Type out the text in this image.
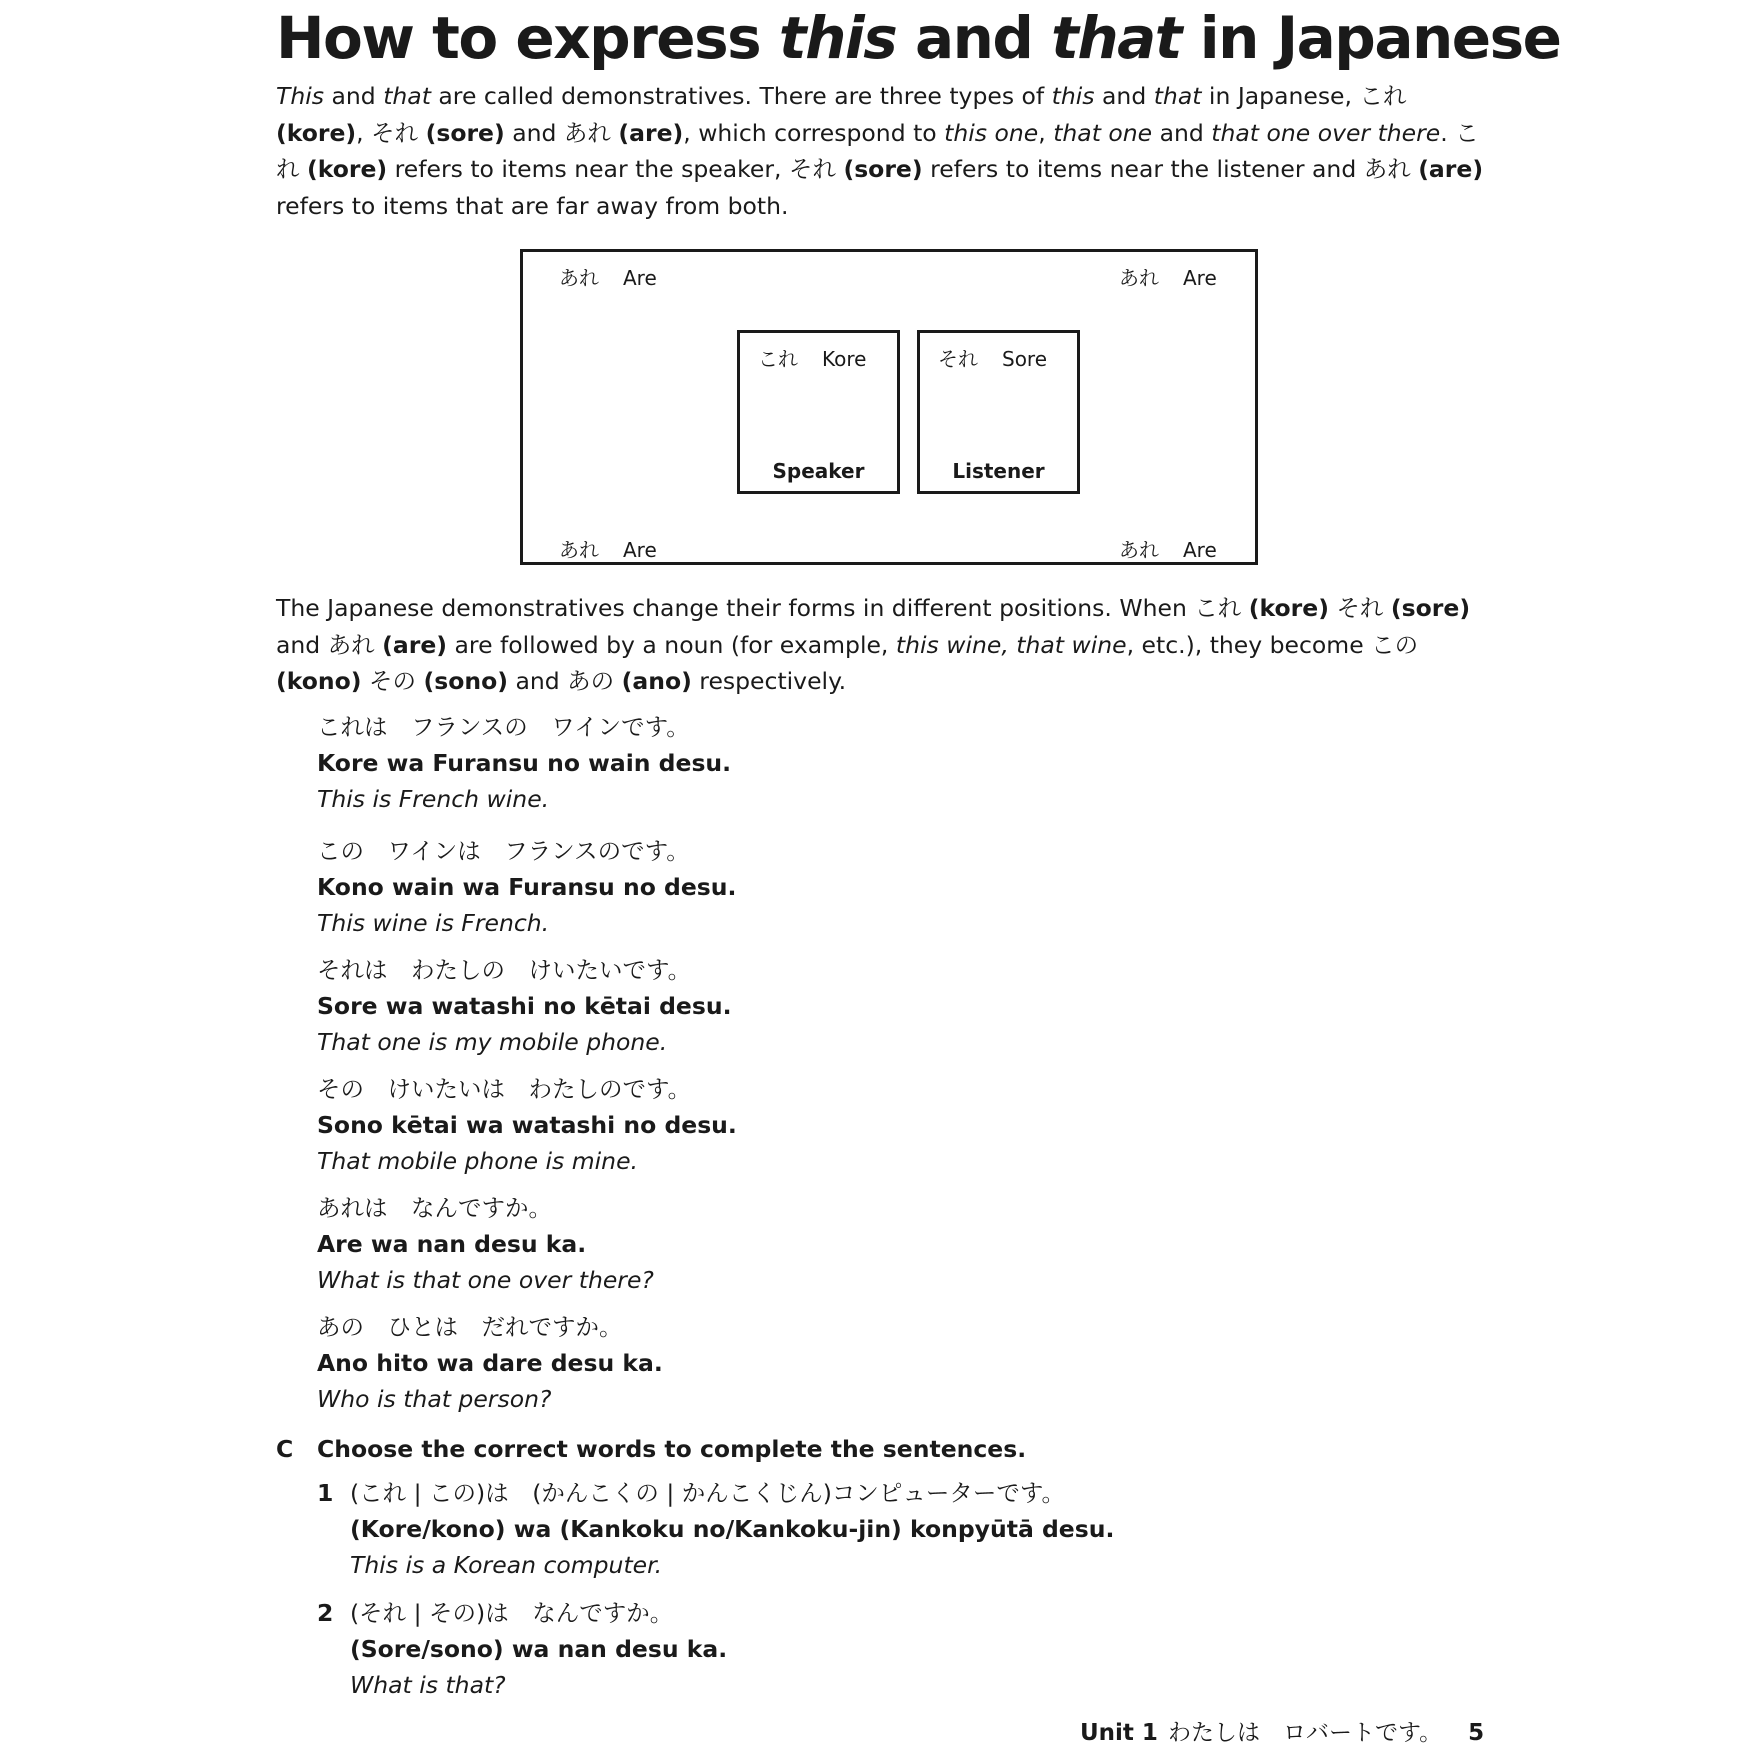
How to express this and that in Japanese

This and that are called demonstratives. There are three types of this and that in Japanese, これ (kore), それ (sore) and あれ (are), which correspond to this one, that one and that one over there. これ (kore) refers to items near the speaker, それ (sore) refers to items near the listener and あれ (are) refers to items that are far away from both.

あれ Are	あれ Are
あれ Are	あれ Are
これ Kore
Speaker
それ Sore
Listener

The Japanese demonstratives change their forms in different positions. When これ (kore) それ (sore) and あれ (are) are followed by a noun (for example, this wine, that wine, etc.), they become この (kono) その (sono) and あの (ano) respectively.

これは　フランスの　ワインです。
Kore wa Furansu no wain desu.
This is French wine.
この　ワインは　フランスのです。
Kono wain wa Furansu no desu.
This wine is French.
それは　わたしの　けいたいです。
Sore wa watashi no kētai desu.
That one is my mobile phone.
その　けいたいは　わたしのです。
Sono kētai wa watashi no desu.
That mobile phone is mine.
あれは　なんですか。
Are wa nan desu ka.
What is that one over there?
あの　ひとは　だれですか。
Ano hito wa dare desu ka.
Who is that person?
C Choose the correct words to complete the sentences.
1 (これ | この)は　(かんこくの | かんこくじん)コンピューターです。
(Kore/kono) wa (Kankoku no/Kankoku-jin) konpyūtā desu.
This is a Korean computer.
2 (それ | その)は　なんですか。
(Sore/sono) wa nan desu ka.
What is that?
Unit 1 わたしは　ロバートです。 5
